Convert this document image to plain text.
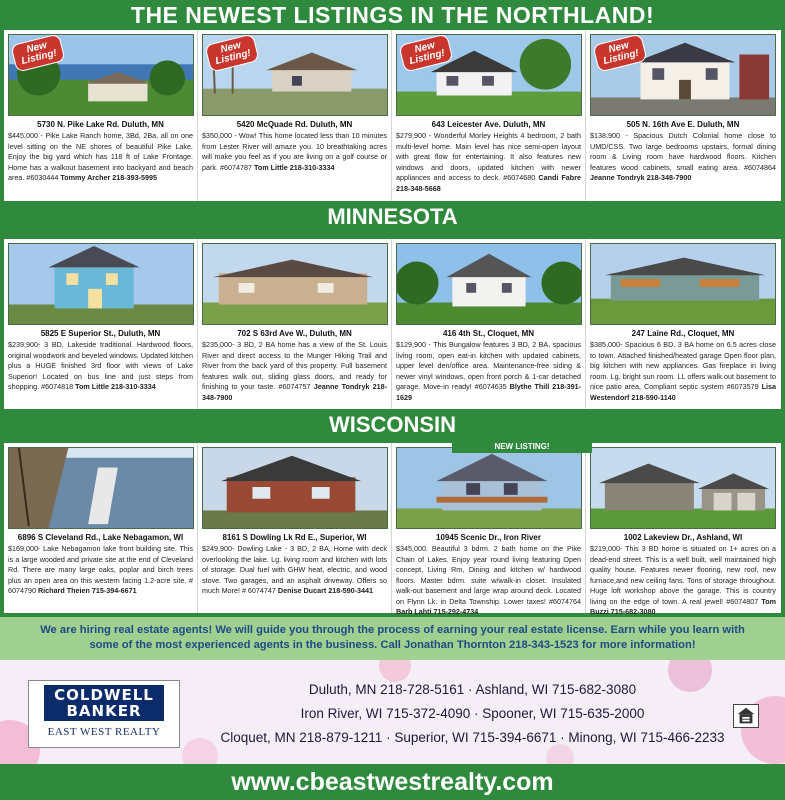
THE NEWEST LISTINGS IN THE NORTHLAND!
New
Listing!
5730 N. Pike Lake Rd. Duluth, MN
$445,000 - Pike Lake Ranch home, 3Bd, 2Ba, all on one level sitting on the NE shores of beautiful Pike Lake. Enjoy the big yard which has 118 ft of Lake Frontage. Home has a walkout basement into backyard and beach area. #6030444 Tommy Archer 218-393-5995
New
Listing!
5420 McQuade Rd. Duluth, MN
$350,000 - Wow! This home located less than 10 minutes from Lester River will amaze you. 10 breathtaking acres will make you feel as if you are living on a golf course or park. #6074787 Tom Little 218-310-3334
New
Listing!
643 Leicester Ave. Duluth, MN
$279,900 - Wonderful Morley Heights 4 bedroom, 2 bath multi-level home. Main level has nice semi-open layout with great flow for entertaining. It also features new windows and doors, updated kitchen with newer appliances and access to deck. #6074680 Candi Fabre 218-348-5668
New
Listing!
505 N. 16th Ave E. Duluth, MN
$138,900 - Spacious Dutch Colonial home close to UMD/CSS. Two large bedrooms upstairs, formal dining room & Living room have hardwood floors. Kitchen features wood cabinets, small eating area. #6074864 Jeanne Tondryk 218-348-7900
MINNESOTA
5825 E Superior St., Duluth, MN
$239,900- 3 BD, Lakeside traditional. Hardwood floors, original woodwork and beveled windows. Updated kitchen plus a HUGE finished 3rd floor with views of Lake Superior! Located on bus line and just steps from shopping. #6074818 Tom Little 218-310-3334
702 S 63rd Ave W., Duluth, MN
$235,000- 3 BD, 2 BA home has a view of the St. Louis River and direct access to the Munger Hiking Trail and River from the back yard of this property. Full basement features walk out, sliding glass doors, and ready for finishing to your taste. #6074757 Jeanne Tondryk 218-348-7900
416 4th St., Cloquet, MN
$129,900 - This Bungalow features 3 BD, 2 BA, spacious living room, open eat-in kitchen with updated cabinets, upper level den/office area. Maintenance-free siding & newer vinyl windows, open front porch & 1-car detached garage. Move-in ready! #6074635 Blythe Thill 218-391-1629
247 Laine Rd., Cloquet, MN
$385,000- Spacious 6 BD. 3 BA home on 6.5 acres close to town. Attached finished/heated garage Open floor plan, big kitchen with new appliances. Gas fireplace in living room. Lg. bright sun room. LL offers walk out basement to nice patio area, Compliant septic system #6073579 Lisa Westendorf 218-590-1140
WISCONSIN
NEW LISTING!
6896 S Cleveland Rd., Lake Nebagamon, WI
$169,000- Lake Nebagamon lake front building site. This is a large wooded and private site at the end of Cleveland Rd. There are many large oaks, poplar and birch trees plus an open area on this western facing 1.2-acre site. # 6074790 Richard Theien 715-394-6671
8161 S Dowling Lk Rd E., Superior, WI
$249,900- Dowling Lake - 3 BD, 2 BA, Home with deck overlooking the lake. Lg. living room and kitchen with lots of storage. Dual fuel with GHW heat, electric, and wood stove. Two garages, and an asphalt driveway. Offers so much More! # 6074747 Denise Ducart 218-590-3441
10945 Scenic Dr., Iron River
$345,000. Beautiful 3 bdrm. 2 bath home on the Pike Chain of Lakes. Enjoy year round living featuring Open concept, Living Rm, Dining and kitchen w/ hardwood floors. Master bdrm. suite w/walk-in closet. Insulated walk-out basement and large wrap around deck. Located on Flynn Lk. in Delta Township. Lower taxes! #6074764 Barb Lahti 715-292-4734
1002 Lakeview Dr., Ashland, WI
$219,000- This 3 BD home is situated on 1+ acres on a dead-end street. This is a well built, well maintained high quality house. Features newer flooring, new roof, new furnace,and new ceiling fans. Tons of storage throughout. Huge loft workshop above the garage. This is country living on the edge of town. A real jewel! #6074807 Tom Buzzi 715-682-3080
We are hiring real estate agents! We will guide you through the process of earning your real estate license. Earn while you learn with some of the most experienced agents in the business. Call Jonathan Thornton 218-343-1523 for more information!
COLDWELL
BANKER
EAST WEST REALTY
Duluth, MN 218-728-5161 · Ashland, WI 715-682-3080
Iron River, WI 715-372-4090 · Spooner, WI 715-635-2000
Cloquet, MN 218-879-1211 · Superior, WI 715-394-6671 · Minong, WI 715-466-2233
www.cbeastwestrealty.com
